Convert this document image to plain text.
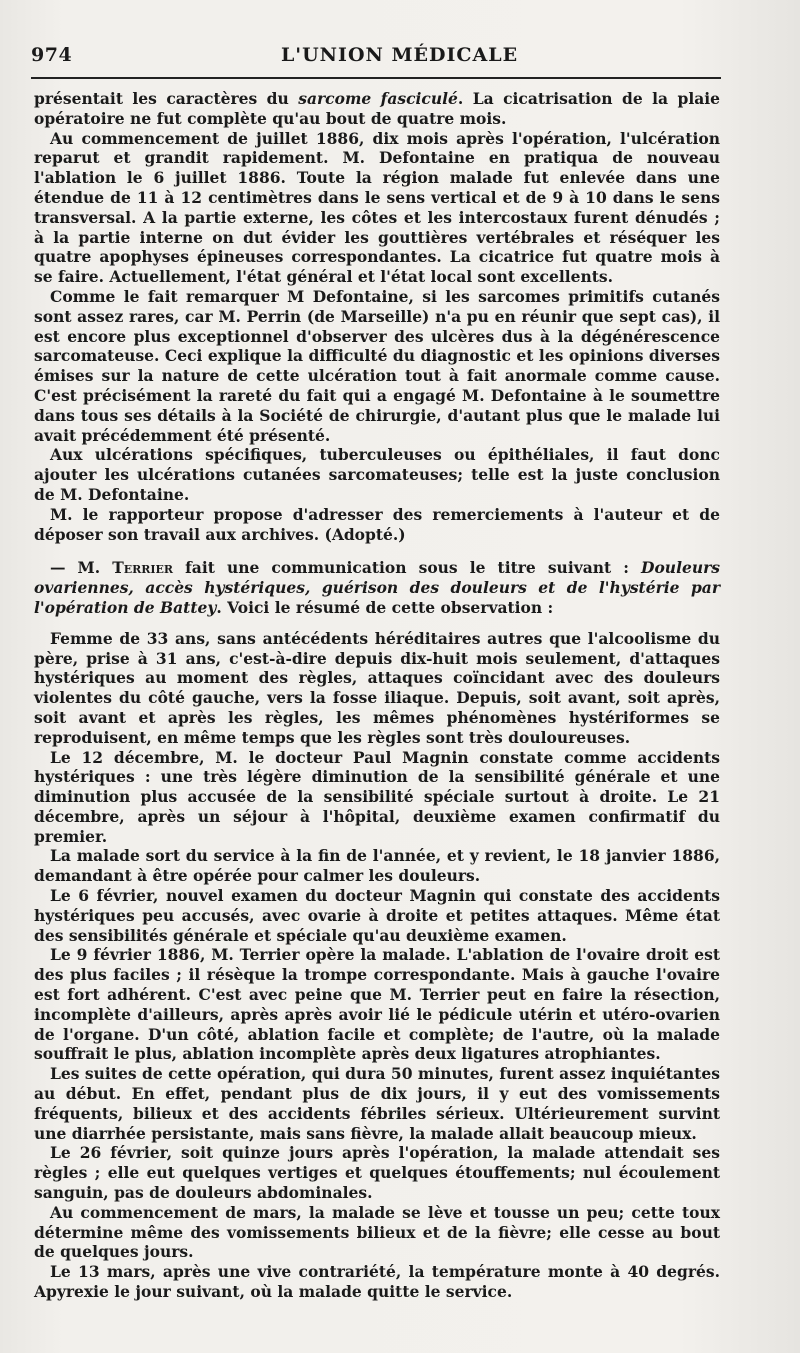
974	L'UNION MÉDICALE

présentait les caractères du sarcome fasciculé. La cicatrisation de la plaie opératoire ne fut complète qu'au bout de quatre mois.

Au commencement de juillet 1886, dix mois après l'opération, l'ulcération reparut et grandit rapidement. M. Defontaine en pratiqua de nouveau l'ablation le 6 juillet 1886. Toute la région malade fut enlevée dans une étendue de 11 à 12 centimètres dans le sens vertical et de 9 à 10 dans le sens transversal. A la partie externe, les côtes et les intercostaux furent dénudés ; à la partie interne on dut évider les gouttières vertébrales et réséquer les quatre apophyses épineuses correspondantes. La cicatrice fut quatre mois à se faire. Actuellement, l'état général et l'état local sont excellents.

Comme le fait remarquer M Defontaine, si les sarcomes primitifs cutanés sont assez rares, car M. Perrin (de Marseille) n'a pu en réunir que sept cas), il est encore plus exceptionnel d'observer des ulcères dus à la dégénérescence sarcomateuse. Ceci explique la difficulté du diagnostic et les opinions diverses émises sur la nature de cette ulcération tout à fait anormale comme cause. C'est précisément la rareté du fait qui a engagé M. Defontaine à le soumettre dans tous ses détails à la Société de chirurgie, d'autant plus que le malade lui avait précédemment été présenté.

Aux ulcérations spécifiques, tuberculeuses ou épithéliales, il faut donc ajouter les ulcérations cutanées sarcomateuses; telle est la juste conclusion de M. Defontaine.

M. le rapporteur propose d'adresser des remerciements à l'auteur et de déposer son travail aux archives. (Adopté.)

— M. Terrier fait une communication sous le titre suivant : Douleurs ovariennes, accès hystériques, guérison des douleurs et de l'hystérie par l'opération de Battey. Voici le résumé de cette observation :

Femme de 33 ans, sans antécédents héréditaires autres que l'alcoolisme du père, prise à 31 ans, c'est-à-dire depuis dix-huit mois seulement, d'attaques hystériques au moment des règles, attaques coïncidant avec des douleurs violentes du côté gauche, vers la fosse iliaque. Depuis, soit avant, soit après, soit avant et après les règles, les mêmes phénomènes hystériformes se reproduisent, en même temps que les règles sont très douloureuses.

Le 12 décembre, M. le docteur Paul Magnin constate comme accidents hystériques : une très légère diminution de la sensibilité générale et une diminution plus accusée de la sensibilité spéciale surtout à droite. Le 21 décembre, après un séjour à l'hôpital, deuxième examen confirmatif du premier.

La malade sort du service à la fin de l'année, et y revient, le 18 janvier 1886, demandant à être opérée pour calmer les douleurs.

Le 6 février, nouvel examen du docteur Magnin qui constate des accidents hystériques peu accusés, avec ovarie à droite et petites attaques. Même état des sensibilités générale et spéciale qu'au deuxième examen.

Le 9 février 1886, M. Terrier opère la malade. L'ablation de l'ovaire droit est des plus faciles ; il résèque la trompe correspondante. Mais à gauche l'ovaire est fort adhérent. C'est avec peine que M. Terrier peut en faire la résection, incomplète d'ailleurs, après après avoir lié le pédicule utérin et utéro-ovarien de l'organe. D'un côté, ablation facile et complète; de l'autre, où la malade souffrait le plus, ablation incomplète après deux ligatures atrophiantes.

Les suites de cette opération, qui dura 50 minutes, furent assez inquiétantes au début. En effet, pendant plus de dix jours, il y eut des vomissements fréquents, bilieux et des accidents fébriles sérieux. Ultérieurement survint une diarrhée persistante, mais sans fièvre, la malade allait beaucoup mieux.

Le 26 février, soit quinze jours après l'opération, la malade attendait ses règles ; elle eut quelques vertiges et quelques étouffements; nul écoulement sanguin, pas de douleurs abdominales.

Au commencement de mars, la malade se lève et tousse un peu; cette toux détermine même des vomissements bilieux et de la fièvre; elle cesse au bout de quelques jours.

Le 13 mars, après une vive contrariété, la température monte à 40 degrés. Apyrexie le jour suivant, où la malade quitte le service.
